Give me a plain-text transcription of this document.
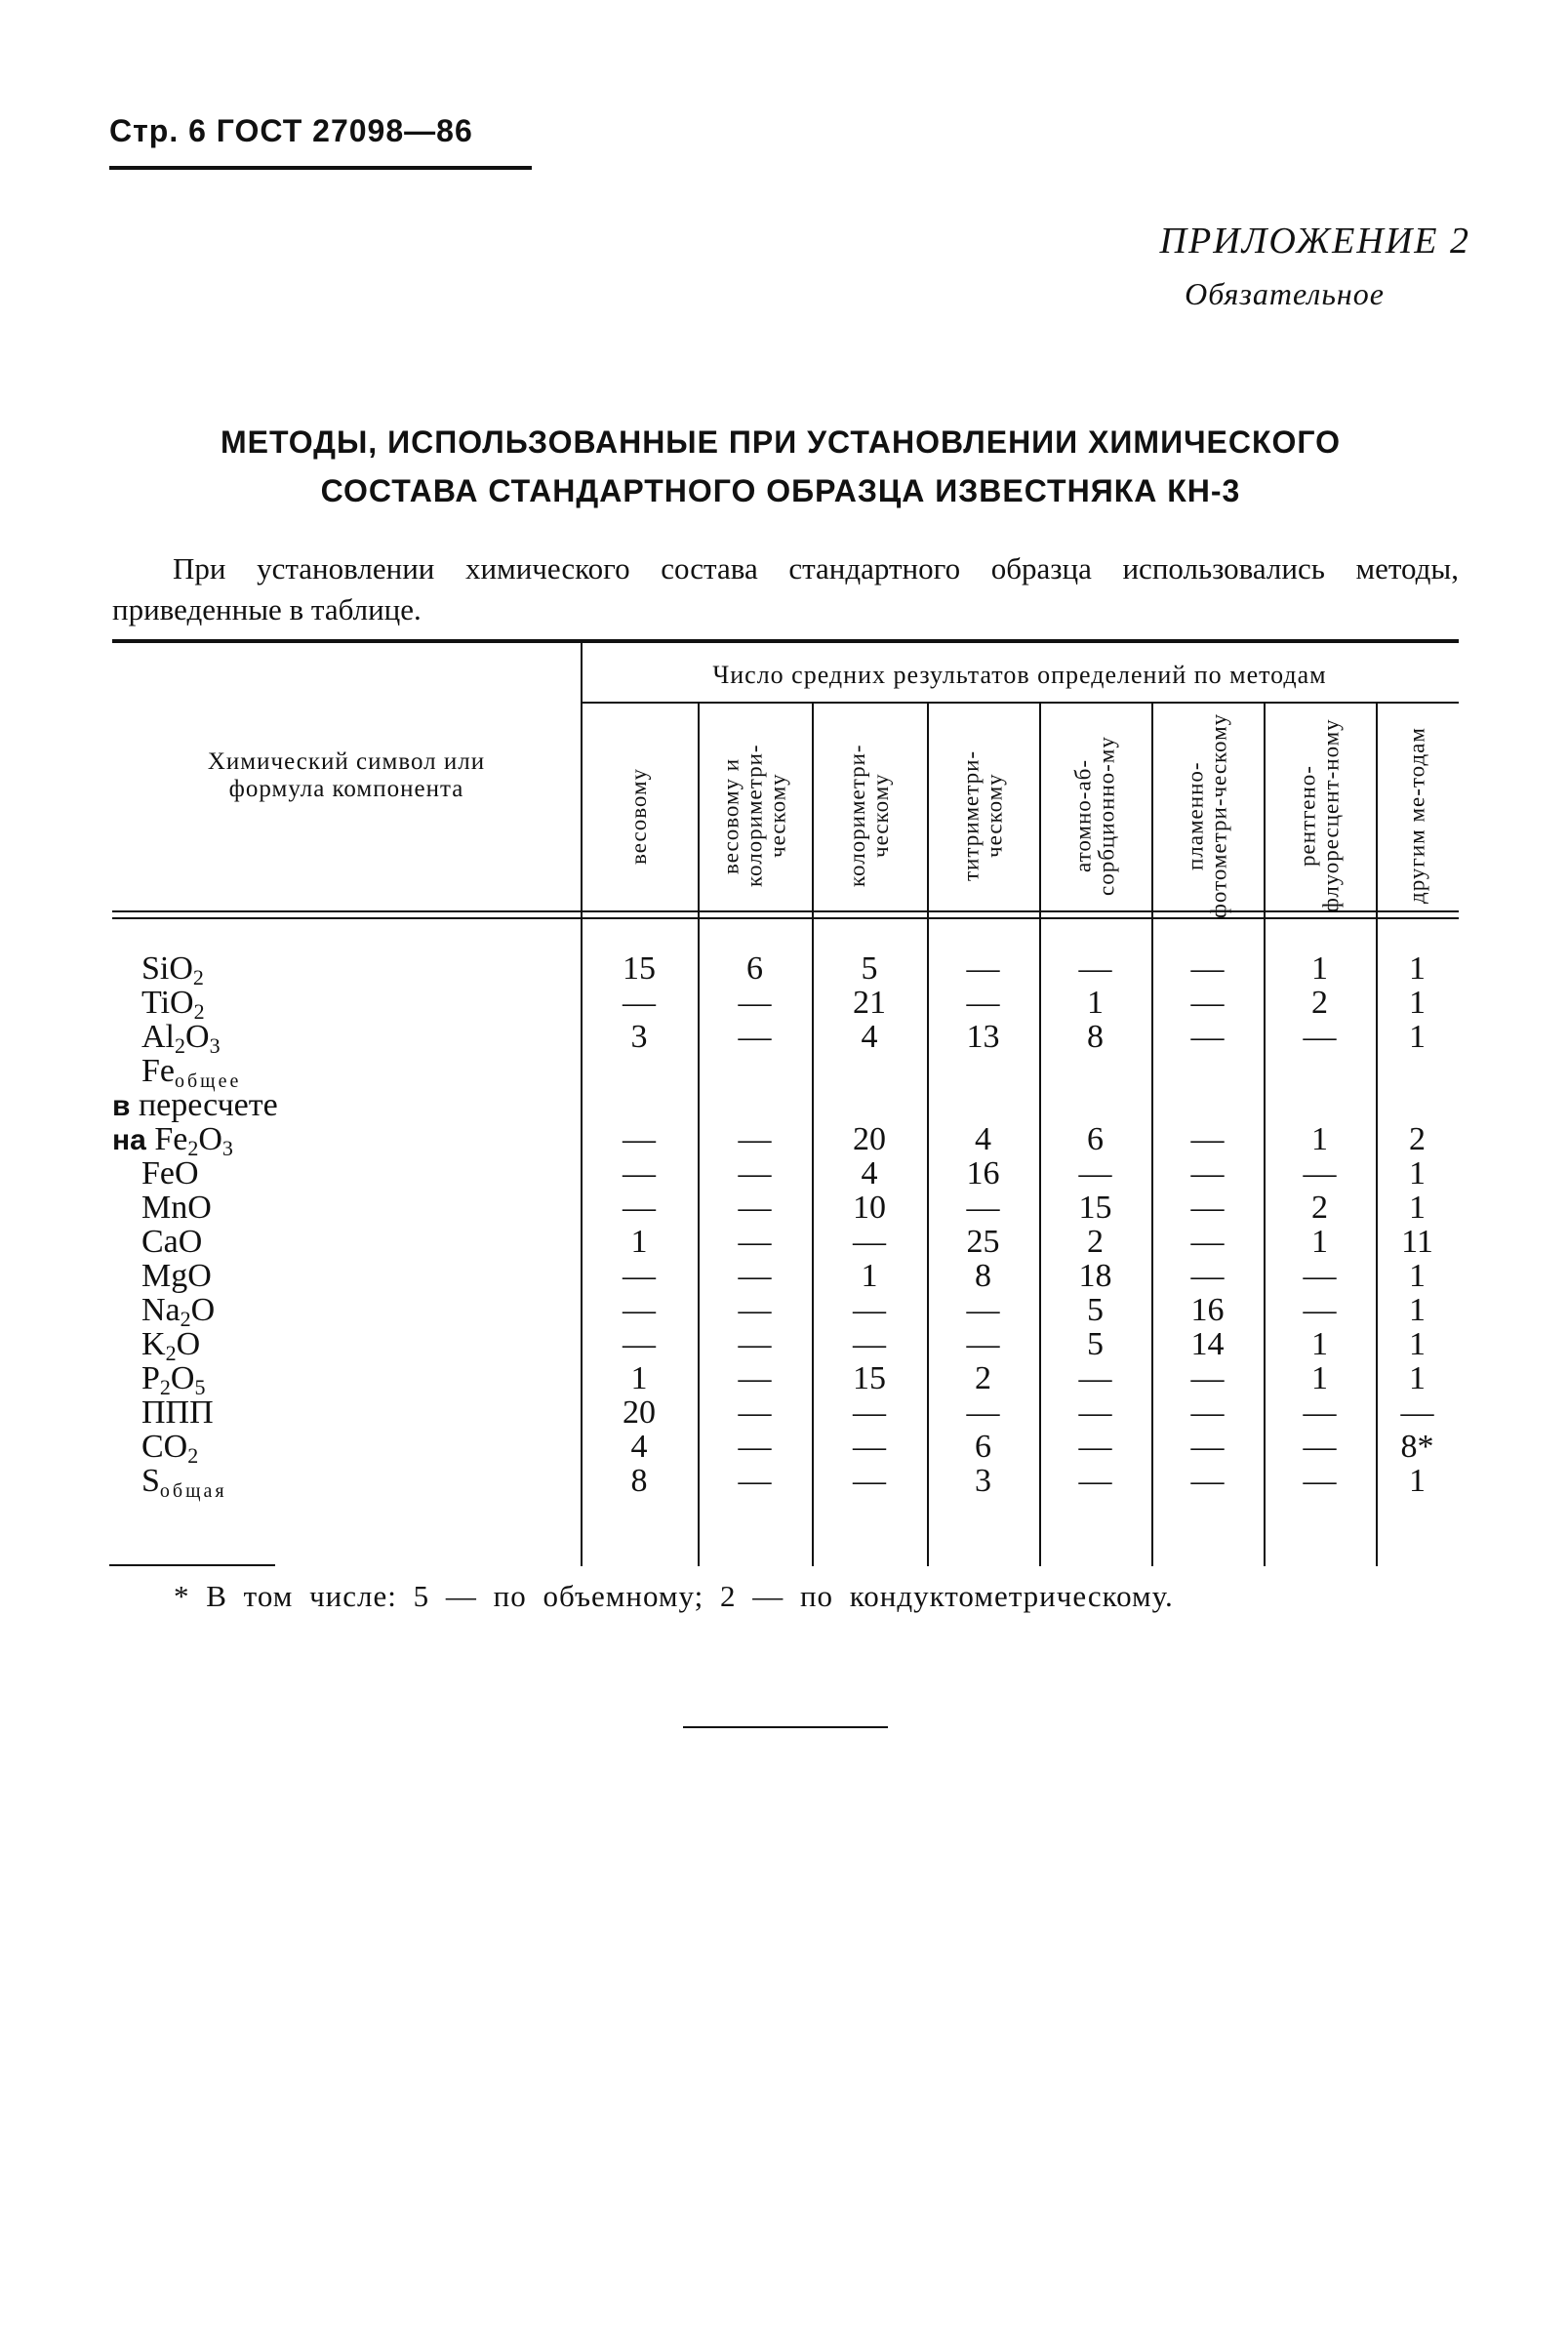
Стр. 6 ГОСТ 27098—86
ПРИЛОЖЕНИЕ 2
Обязательное
МЕТОДЫ, ИСПОЛЬЗОВАННЫЕ ПРИ УСТАНОВЛЕНИИ ХИМИЧЕСКОГО
СОСТАВА СТАНДАРТНОГО ОБРАЗЦА ИЗВЕСТНЯКА КН-3
При установлении химического состава стандартного образца использовались методы, приведенные в таблице.
Химический символ или
формула компонента
Число средних результатов определений по методам
весовому	весовому и колориметри-ческому	колориметри-ческому	титриметри-ческому	атомно-аб-сорбционно-му	пламенно-фотометри-ческому	рентгено-флуоресцент-ному	другим ме-тодам
SiO$_2$	15	6	5	—	—	—	1	1
TiO$_2$	—	—	21	—	1	—	2	1
$Al_2O_3$	3	—	4	13	8	—	—	1
Feобщее
в пересчете
на $Fe_2O_3$	—	—	20	4	6	—	1	2
FeO	—	—	4	16	—	—	—	1
MnO	—	—	10	—	15	—	2	1
CaO	1	—	—	25	2	—	1	11
MgO	—	—	1	8	18	—	—	1
$Na_2O$	—	—	—	—	5	16	—	1
$K_2O$	—	—	—	—	5	14	1	1
$P_2O_5$	1	—	15	2	—	—	1	1
ППП	20	—	—	—	—	—	—	—
$CO_2$	4	—	—	6	—	—	—	8*
Sобщая	8	—	—	3	—	—	—	1
* В том числе: 5 — по объемному; 2 — по кондуктометрическому.
